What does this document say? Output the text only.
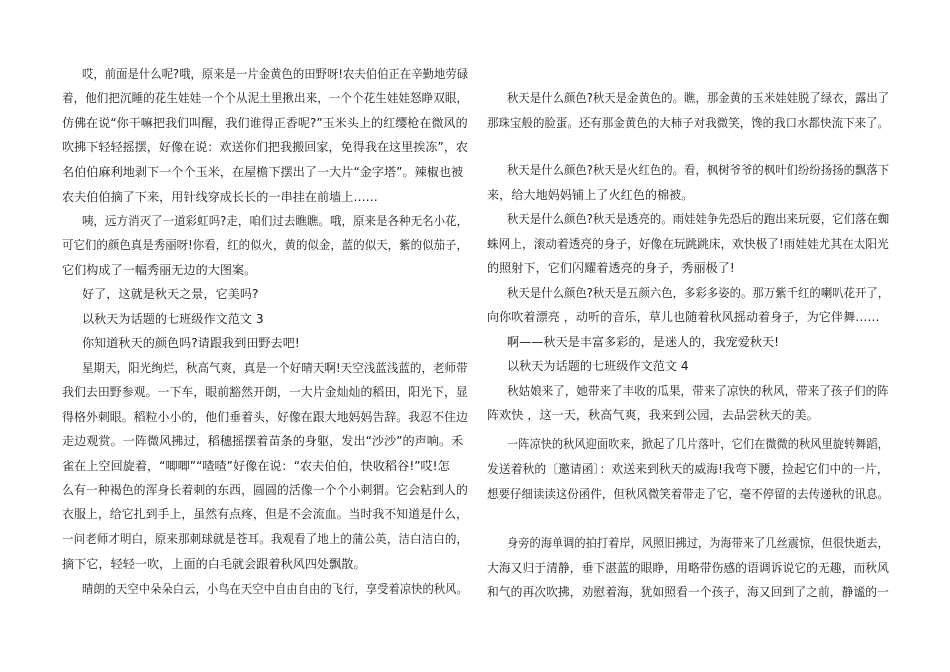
哎，前面是什么呢?哦，原来是一片金黄色的田野呀!农夫伯伯正在辛勤地劳碌
着，他们把沉睡的花生娃娃一个个从泥土里揪出来，一个个花生娃娃怒睁双眼，
仿佛在说“你干嘛把我们叫醒，我们谁得正香呢?”玉米头上的红缨枪在微风的
吹拂下轻轻摇摆，好像在说：欢送你们把我搬回家，免得我在这里挨冻”，农
名伯伯麻利地剥下一个个玉米，在屋檐下摆出了一大片“金字塔”。辣椒也被
农夫伯伯摘了下来，用针线穿成长长的一串挂在前墙上……
咦，远方消灭了一道彩虹吗?走，咱们过去瞧瞧。哦，原来是各种无名小花，
可它们的颜色真是秀丽呀!你看，红的似火，黄的似金，蓝的似天，紫的似茄子，
它们构成了一幅秀丽无边的大图案。
好了，这就是秋天之景，它美吗?
以秋天为话题的七班级作文范文 3
你知道秋天的颜色吗?请跟我到田野去吧!
星期天，阳光绚烂，秋高气爽，真是一个好晴天啊!天空浅蓝浅蓝的，老师带
我们去田野参观。一下车，眼前豁然开朗，一大片金灿灿的稻田，阳光下，显
得格外刺眼。稻粒小小的，他们垂着头，好像在跟大地妈妈告辞。我忍不住边
走边观赏。一阵微风拂过，稻穗摇摆着苗条的身躯，发出“沙沙”的声响。禾
雀在上空回旋着，“唧唧”“喳喳”好像在说：“农夫伯伯，快收稻谷!”哎!怎
么有一种褐色的浑身长着刺的东西，圆圆的活像一个个小刺猬。它会粘到人的
衣服上，给它扎到手上，虽然有点疼，但是不会流血。当时我不知道是什么，
一问老师才明白，原来那刺球就是苍耳。我观看了地上的蒲公英，洁白洁白的，
摘下它，轻轻一吹，上面的白毛就会跟着秋风四处飘散。
晴朗的天空中朵朵白云，小鸟在天空中自由自由的飞行，享受着凉快的秋风。
秋天是什么颜色?秋天是金黄色的。瞧，那金黄的玉米娃娃脱了绿衣，露出了
那珠宝般的脸蛋。还有那金黄色的大柿子对我微笑，馋的我口水都快流下来了。
秋天是什么颜色?秋天是火红色的。看，枫树爷爷的枫叶们纷纷扬扬的飘落下
来，给大地妈妈铺上了火红色的棉被。
秋天是什么颜色?秋天是透亮的。雨娃娃争先恐后的跑出来玩耍，它们落在蜘
蛛网上，滚动着透亮的身子，好像在玩跳跳床，欢快极了!雨娃娃尤其在太阳光
的照射下，它们闪耀着透亮的身子，秀丽极了!
秋天是什么颜色?秋天是五颜六色，多彩多姿的。那万紫千红的喇叭花开了，
向你吹着漂亮 ，动听的音乐，草儿也随着秋风摇动着身子，为它伴舞……
啊——秋天是丰富多彩的，是迷人的，我宠爱秋天!
以秋天为话题的七班级作文范文 4
秋姑娘来了，她带来了丰收的瓜果，带来了凉快的秋风，带来了孩子们的阵
阵欢快 ，这一天，秋高气爽，我来到公园，去品尝秋天的美。
一阵凉快的秋风迎面吹来，掀起了几片落叶，它们在微微的秋风里旋转舞蹈，
发送着秋的〔邀请函〕：欢送来到秋天的威海!我弯下腰，捡起它们中的一片，
想要仔细读读这份函件，但秋风微笑着带走了它，毫不停留的去传递秋的讯息。
身旁的海单调的拍打着岸，风照旧拂过，为海带来了几丝震惊，但很快逝去，
大海又归于清静，垂下湛蓝的眼睁，用略带伤感的语调诉说它的无趣，而秋风
和气的再次吹拂，劝慰着海，犹如照看一个孩子，海又回到了之前，静谧的一
